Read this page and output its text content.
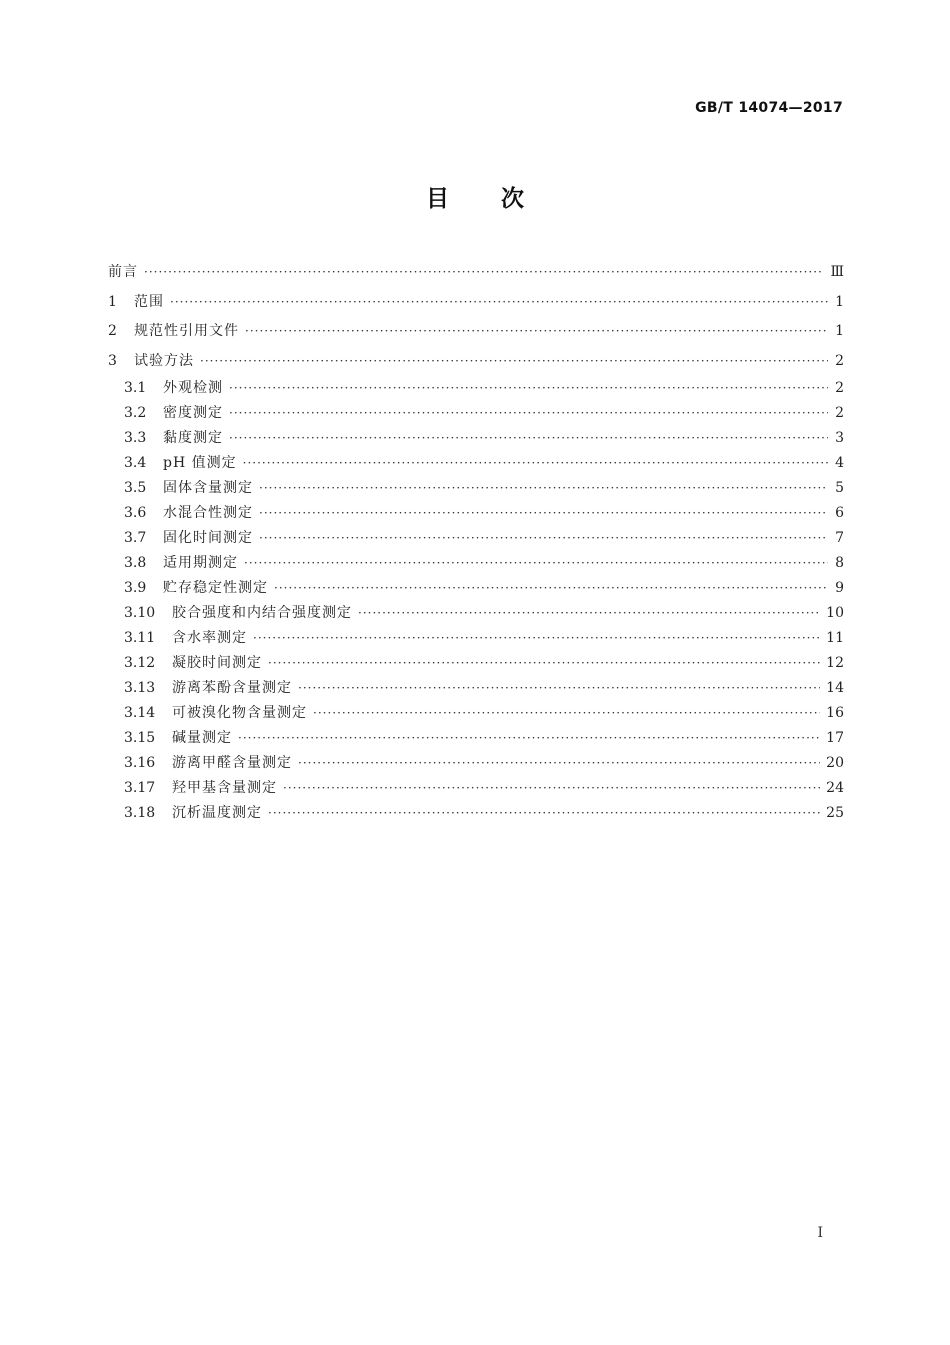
GB/T 14074—2017
目 次
前言 ·····	Ⅲ
1	范围 ·····	1
2	规范性引用文件 ·····	1
3	试验方法 ·····	2
3.1	外观检测 ·····	2
3.2	密度测定 ·····	2
3.3	黏度测定 ·····	3
3.4	pH 值测定 ·····	4
3.5	固体含量测定 ·····	5
3.6	水混合性测定 ·····	6
3.7	固化时间测定 ·····	7
3.8	适用期测定 ·····	8
3.9	贮存稳定性测定 ·····	9
3.10	胶合强度和内结合强度测定 ·····	10
3.11	含水率测定 ·····	11
3.12	凝胶时间测定 ·····	12
3.13	游离苯酚含量测定 ·····	14
3.14	可被溴化物含量测定 ·····	16
3.15	碱量测定 ·····	17
3.16	游离甲醛含量测定 ·····	20
3.17	羟甲基含量测定 ·····	24
3.18	沉析温度测定 ·····	25
I
